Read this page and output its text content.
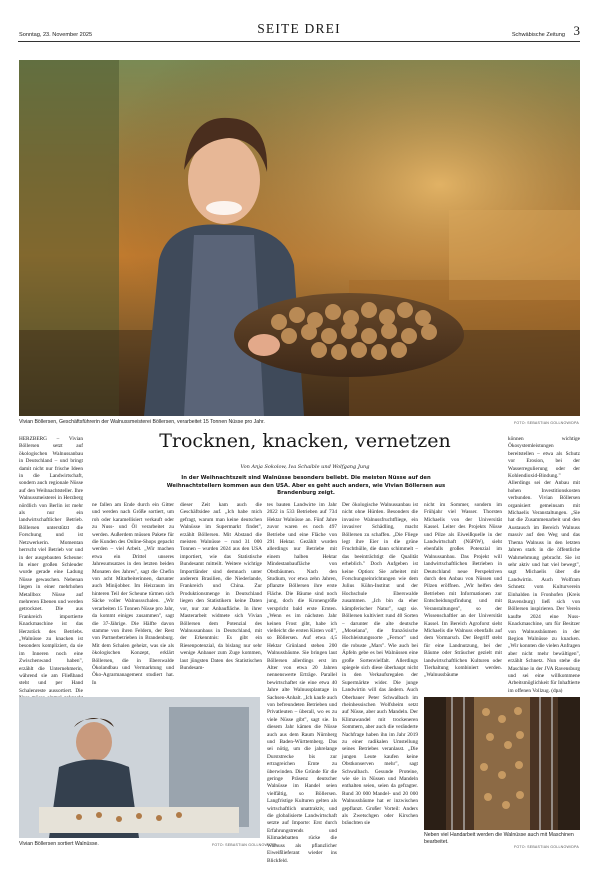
Sonntag, 23. November 2025	SEITE DREI	Schwäbische Zeitung 3
Vivian Böllersen, Geschäftsführerin der Walnussmeisterei Böllersen, verarbeitet 15 Tonnen Nüsse pro Jahr.	FOTO: SEBASTIAN GOLLNOW/DPA
Trocknen, knacken, vernetzen
Von Anja Sokolow, Iva Schaible und Wolfgang Jung
In der Weihnachtszeit sind Walnüsse besonders beliebt. Die meisten Nüsse auf den Weihnachtstellern kommen aus den USA. Aber es geht auch anders, wie Vivian Böllersen aus Brandenburg zeigt.

HERZBERG – Vivian Böllersen setzt auf ökologischen Walnussanbau in Deutschland – und bringt damit nicht nur frische Ideen in die Landwirtschaft, sondern auch regionale Nüsse auf den Weihnachtsteller. Ihre Walnussmeisterei in Herzberg nördlich von Berlin ist mehr als nur ein landwirtschaftlicher Betrieb. Böllersen unterstützt die Forschung und ist Netzwerkerin. Momentan herrscht viel Betrieb vor und in der ausgebauten Scheune: In einer großen Schleuder wurde gerade eine Ladung Nüsse gewaschen. Nebenan liegen in einer mehrhohen Metallbox Nüsse auf mehreren Ebenen und werden getrocknet. Die aus Frankreich importierte Knackmaschine ist das Herzstück des Betriebs. „Walnüsse zu knacken ist besonders kompliziert, da sie im Inneren noch eine Zwischenwand haben", erzählt die Unternehmerin, während sie am Fließband steht und per Hand Schalenreste aussortiert. Die

ne fallen am Ende durch ein Gitter und werden nach Größe sortiert, um roh oder karamellisiert verkauft oder zu Nuss- und Öl verarbeitet zu werden. Außerdem müssen Pakete für die Kunden des Online-Shops gepackt werden – viel Arbeit. „Wir machen etwa ein Drittel unseres Jahresumsatzes in den letzten beiden Monaten des Jahres", sagt die Chefin von acht Mitarbeiterinnen, darunter auch Minijobber. Im Heizraum im hinteren Teil der Scheune türmen sich Säcke voller Walnussschalen. „Wir verarbeiten 15 Tonnen Nüsse pro Jahr, da kommt einiges zusammen", sagt die 37-Jährige. Die Hälfte davon stamme von ihren Feldern, der Rest von Partnerbetrieben in Brandenburg. Mit dem Schalen geheizt, was sie als ökologischen Konzept, erklärt Böllersen, die in Eberswalde Ökolandbau und Vermarktung und Öko-Agrarmanagement studiert hat. In

dieser Zeit kam auch die Geschäftsidee auf. „Ich habe mich gefragt, warum man keine deutschen Walnüsse im Supermarkt findet", erzählt Böllersen. Mit Abstand die meisten Walnüsse – rund 31 000 Tonnen – wurden 2024 aus den USA importiert, wie das Statistische Bundesamt mitteilt. Weitere wichtige Importländer sind demnach unter anderem Brasilien, die Niederlande, Frankreich und China. Zur Produktionsmenge in Deutschland liegen den Statistikern keine Daten vor, nur zur Anbaufläche. In ihrer Masterarbeit widmete sich Vivian Böllersen dem Potenzial des Walnussanbaus in Deutschland, mit der Erkenntnis: Es gibt ein Riesenpotenzial, da bislang nur sehr wenige Anbauer zum Zuge kommen, laut jüngsten Daten des Statistischen Bundesam-

tes bauten Landwirte im Jahr 2022 in 533 Betrieben auf 734 Hektar Walnüsse an. Fünf Jahre zuvor waren es noch 497 Betriebe und eine Fläche von 291 Hektar. Gezählt wurden allerdings nur Betriebe mit einem halben Hektar Mindestanbaufläche von Obstbäumen. Nach den Studium, vor etwa zehn Jahren, pflanzte Böllersen ihre erste Fläche. Die Bäume sind noch jung, doch die Kronengröße verspricht bald erste Ernten. „Wenn es im nächsten Jahr keinen Frost gibt, habe ich vielleicht die ersten Kisten voll", so Böllersen. Auf etwa 4,5 Hektar Grünland stehen 200 Walnussbäume. Sie bringen laut Böllersen allerdings erst im Alter von etwa 20 Jahren nennenswerte Erträge. Parallel bewirtschaftet sie eine etwa 40 Jahre alte Walnussplantage in Sachsen-Anhalt. „Ich kaufe auch von befreundeten Betrieben und Privatleuten – überall, wo es zu viele Nüsse gibt", sagt sie. In diesem Jahr kämen die Nüsse auch aus dem Raum Nürnberg und Baden-Württemberg. Das sei nötig, um die jahrelange Durststrecke bis zur ertragreichen Ernte zu überwinden. Die Gründe für die geringe Präsenz deutscher Walnüsse im Handel seien vielfältig, so Böllersen. Langfristige Kulturen gelten als wirtschaftlich unattraktiv, und die globalisierte Landwirtschaft setzte auf Importe: Erst durch Erfahrungstrends und Klimadebatten rücke die Walnuss als pflanzlicher Eiweißlieferant wieder ins Blickfeld.

Der ökologische Walnussanbau ist nicht ohne Hürden. Besonders die invasive Walnussfruchtfliege, ein invasiver Schädling, macht Böllersen zu schaffen. „Die Fliege legt ihre Eier in die grüne Fruchthülle, die dann schimmelt – das beeinträchtigt die Qualität erheblich." Doch Aufgeben ist keine Option: Sie arbeitet mit Forschungseinrichtungen wie dem Julius Kühn-Institut und der Hochschule Eberswalde zusammen. „Ich bin da eher kämpferischer Natur", sagt sie. Böllersen kultiviert rund 40 Sorten – darunter die alte deutsche „Moselana", die französische Hochleistungssorte „Fernor" und die robuste „Mars". Wie auch bei Äpfeln gebe es bei Walnüssen eine große Sortenvielfalt. Allerdings spiegele sich diese überhaupt nicht in den Verkaufsregalen der Supermärkte wider. Die junge Landwirtin will das ändern. Auch Oberbauer Peter Schwalbach im rheinhessischen Wolfsheim setzt auf Nüsse, aber auch Mandeln. Der Klimawandel mit trockeneren Sommern, aber auch die veränderte Nachfrage haben ihn im Jahr 2019 zu einer radikalen Umstellung seines Betriebes veranlasst. „Die jungen Leute kaufen keine Obstkonserven mehr", sagt Schwalbach. Gesunde Proteine, wie sie in Nüssen und Mandeln enthalten seien, seien da gefragter. Rund 30 000 Mandel- und 20 000 Walnussbäume hat er inzwischen gepflanzt. Großer Vorteil: Anders als Zwetschgen oder Kirschen bräuchten sie

nicht im Sommer, sondern im Frühjahr viel Wasser. Thorsten Michaelis von der Universität Kassel. Leiter des Projekts Nüsse und Pilze als Eiweißquelle in der Landwirtschaft (NüPiW), sieht ebenfalls großes Potenzial im Walnussanbau. Das Projekt will landwirtschaftlichen Betrieben in Deutschland neue Perspektiven durch den Anbau von Nüssen und Pilzen eröffnen. „Wir helfen den Betrieben mit Informationen zur Entscheidungsfindung und mit Veranstaltungen", so der Wissenschaftler an der Universität Kassel. Im Bereich Agroforst sieht Michaelis die Walnuss ebenfalls auf dem Vormarsch. Der Begriff steht für eine Landnutzung, bei der Bäume oder Sträucher gezielt mit landwirtschaftlichen Kulturen oder Tierhaltung kombiniert werden. „Walnussbäume

können wichtige Ökosystemleistungen bereitstellen – etwa als Schutz vor Erosion, bei der Wasserregulierung oder der Kohlendioxid-Bindung." Allerdings sei der Anbau mit hohen Investitionskosten verbunden. Vivian Böllersen organisiert gemeinsam mit Michaelis Veranstaltungen. „Sie hat die Zusammenarbeit und den Austausch im Bereich Walnuss massiv auf den Weg und das Thema Walnuss in den letzten Jahren stark in die öffentliche Wahrnehmung gebracht. Sie ist sehr aktiv und hat viel bewegt", sagt Michaelis über die Landwirtin. Auch Wolfram Schnetz vom Kulturverein Einhalden in Fronhofen (Kreis Ravensburg) ließ sich von Böllersen inspirieren. Der Verein kaufte 2024 eine Nuss-Knackmaschine, um für Besitzer von Walnussbäumen in der Region Walnüsse zu knacken. „Wir konnten die vielen Anfragen aber nicht mehr bewältigen", erzählt Schnetz. Nun stehe die Maschine in der JVA Ravensburg und sei eine willkommene Arbeitsmöglichkeit für Inhaftierte im offenen Vollzug. (dpa)

Vivian Böllersen sortiert Walnüsse.	FOTO: SEBASTIAN GOLLNOW/DPA
Neben viel Handarbeit werden die Walnüsse auch mit Maschinen bearbeitet.
FOTO: SEBASTIAN GOLLNOW/DPA
